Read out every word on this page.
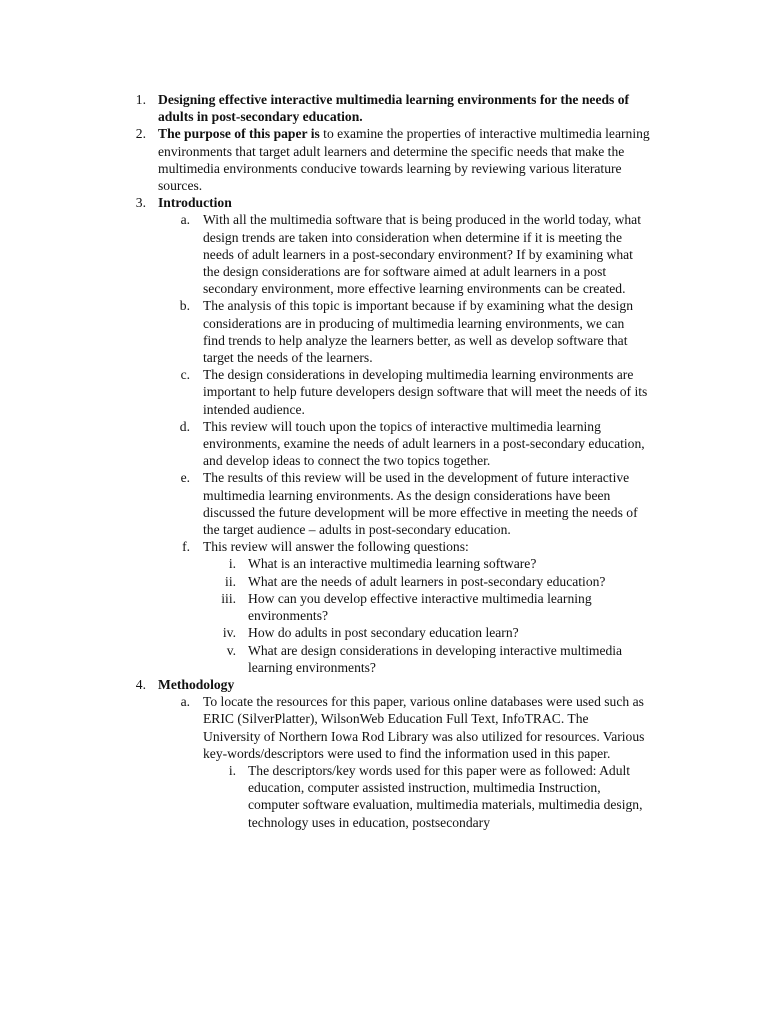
1. Designing effective interactive multimedia learning environments for the needs of adults in post-secondary education.
2. The purpose of this paper is to examine the properties of interactive multimedia learning environments that target adult learners and determine the specific needs that make the multimedia environments conducive towards learning by reviewing various literature sources.
3. Introduction
a. With all the multimedia software that is being produced in the world today, what design trends are taken into consideration when determine if it is meeting the needs of adult learners in a post-secondary environment? If by examining what the design considerations are for software aimed at adult learners in a post secondary environment, more effective learning environments can be created.
b. The analysis of this topic is important because if by examining what the design considerations are in producing of multimedia learning environments, we can find trends to help analyze the learners better, as well as develop software that target the needs of the learners.
c. The design considerations in developing multimedia learning environments are important to help future developers design software that will meet the needs of its intended audience.
d. This review will touch upon the topics of interactive multimedia learning environments, examine the needs of adult learners in a post-secondary education, and develop ideas to connect the two topics together.
e. The results of this review will be used in the development of future interactive multimedia learning environments. As the design considerations have been discussed the future development will be more effective in meeting the needs of the target audience – adults in post-secondary education.
f. This review will answer the following questions:
i. What is an interactive multimedia learning software?
ii. What are the needs of adult learners in post-secondary education?
iii. How can you develop effective interactive multimedia learning environments?
iv. How do adults in post secondary education learn?
v. What are design considerations in developing interactive multimedia learning environments?
4. Methodology
a. To locate the resources for this paper, various online databases were used such as ERIC (SilverPlatter), WilsonWeb Education Full Text, InfoTRAC. The University of Northern Iowa Rod Library was also utilized for resources. Various key-words/descriptors were used to find the information used in this paper.
i. The descriptors/key words used for this paper were as followed: Adult education, computer assisted instruction, multimedia Instruction, computer software evaluation, multimedia materials, multimedia design, technology uses in education, postsecondary
